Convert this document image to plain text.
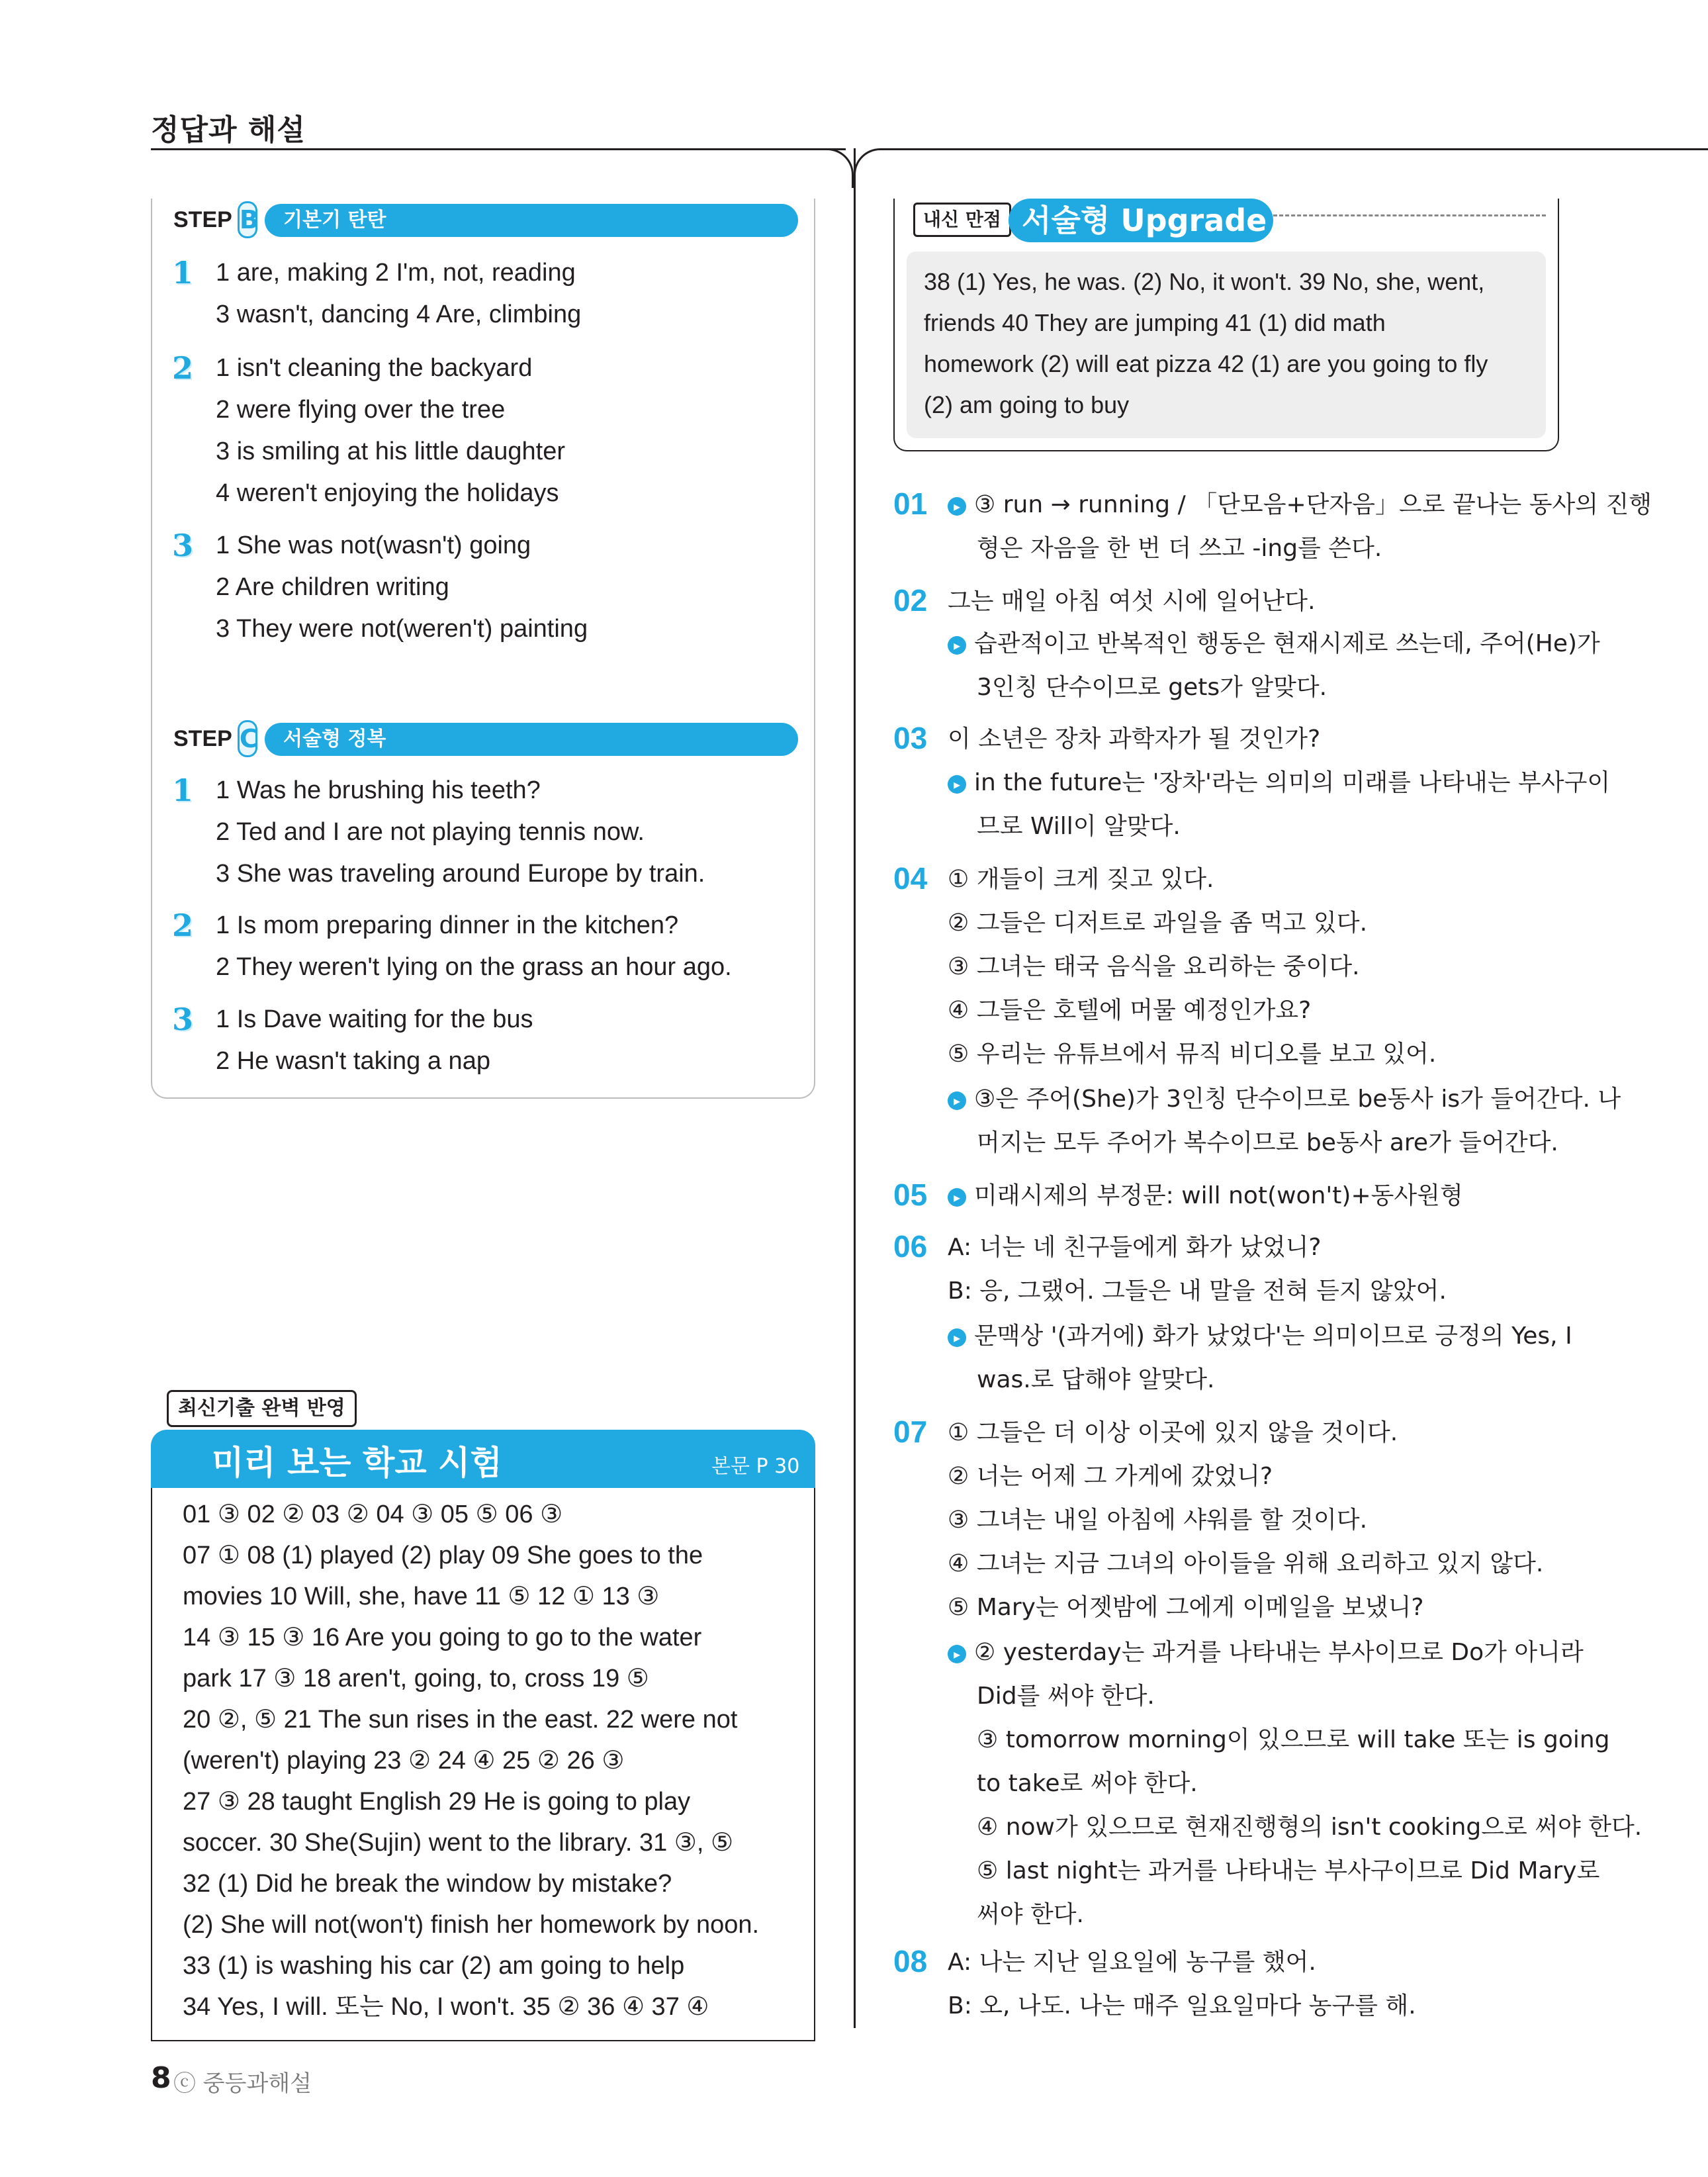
정답과 해설
STEP B	기본기 탄탄
1 1 are, making 2 I'm, not, reading
3 wasn't, dancing 4 Are, climbing
2 1 isn't cleaning the backyard
2 were flying over the tree
3 is smiling at his little daughter
4 weren't enjoying the holidays
3 1 She was not(wasn't) going
2 Are children writing
3 They were not(weren't) painting
STEP C	서술형 정복
1 1 Was he brushing his teeth?
2 Ted and I are not playing tennis now.
3 She was traveling around Europe by train.
2 1 Is mom preparing dinner in the kitchen?
2 They weren't lying on the grass an hour ago.
3 1 Is Dave waiting for the bus
2 He wasn't taking a nap
최신기출 완벽 반영
미리 보는 학교 시험	본문 P 30
01 ③ 02 ② 03 ② 04 ③ 05 ⑤ 06 ③
07 ① 08 (1) played (2) play 09 She goes to the
movies 10 Will, she, have 11 ⑤ 12 ① 13 ③
14 ③ 15 ③ 16 Are you going to go to the water
park 17 ③ 18 aren't, going, to, cross 19 ⑤
20 ②, ⑤ 21 The sun rises in the east. 22 were not
(weren't) playing 23 ② 24 ④ 25 ② 26 ③
27 ③ 28 taught English 29 He is going to play
soccer. 30 She(Sujin) went to the library. 31 ③, ⑤
32 (1) Did he break the window by mistake?
(2) She will not(won't) finish her homework by noon.
33 (1) is washing his car (2) am going to help
34 Yes, I will. 또는 No, I won't. 35 ② 36 ④ 37 ④
내신 만점 서술형 Upgrade
38 (1) Yes, he was. (2) No, it won't. 39 No, she, went,
friends 40 They are jumping 41 (1) did math
homework (2) will eat pizza 42 (1) are you going to fly
(2) am going to buy
01	▸ ③ run → running / 「단모음+단자음」으로 끝나는 동사의 진행
형은 자음을 한 번 더 쓰고 -ing를 쓴다.
02 그는 매일 아침 여섯 시에 일어난다.
▸ 습관적이고 반복적인 행동은 현재시제로 쓰는데, 주어(He)가
3인칭 단수이므로 gets가 알맞다.
03 이 소년은 장차 과학자가 될 것인가?
▸ in the future는 '장차'라는 의미의 미래를 나타내는 부사구이
므로 Will이 알맞다.
04 ① 개들이 크게 짖고 있다.
② 그들은 디저트로 과일을 좀 먹고 있다.
③ 그녀는 태국 음식을 요리하는 중이다.
④ 그들은 호텔에 머물 예정인가요?
⑤ 우리는 유튜브에서 뮤직 비디오를 보고 있어.
▸ ③은 주어(She)가 3인칭 단수이므로 be동사 is가 들어간다. 나
머지는 모두 주어가 복수이므로 be동사 are가 들어간다.
05	▸ 미래시제의 부정문: will not(won't)+동사원형
06 A: 너는 네 친구들에게 화가 났었니?
B: 응, 그랬어. 그들은 내 말을 전혀 듣지 않았어.
▸ 문맥상 '(과거에) 화가 났었다'는 의미이므로 긍정의 Yes, I
was.로 답해야 알맞다.
07 ① 그들은 더 이상 이곳에 있지 않을 것이다.
② 너는 어제 그 가게에 갔었니?
③ 그녀는 내일 아침에 샤워를 할 것이다.
④ 그녀는 지금 그녀의 아이들을 위해 요리하고 있지 않다.
⑤ Mary는 어젯밤에 그에게 이메일을 보냈니?
▸ ② yesterday는 과거를 나타내는 부사이므로 Do가 아니라
Did를 써야 한다.
③ tomorrow morning이 있으므로 will take 또는 is going
to take로 써야 한다.
④ now가 있으므로 현재진행형의 isn't cooking으로 써야 한다.
⑤ last night는 과거를 나타내는 부사구이므로 Did Mary로
써야 한다.
08 A: 나는 지난 일요일에 농구를 했어.
B: 오, 나도. 나는 매주 일요일마다 농구를 해.
8 ⓒ 중등과해설
